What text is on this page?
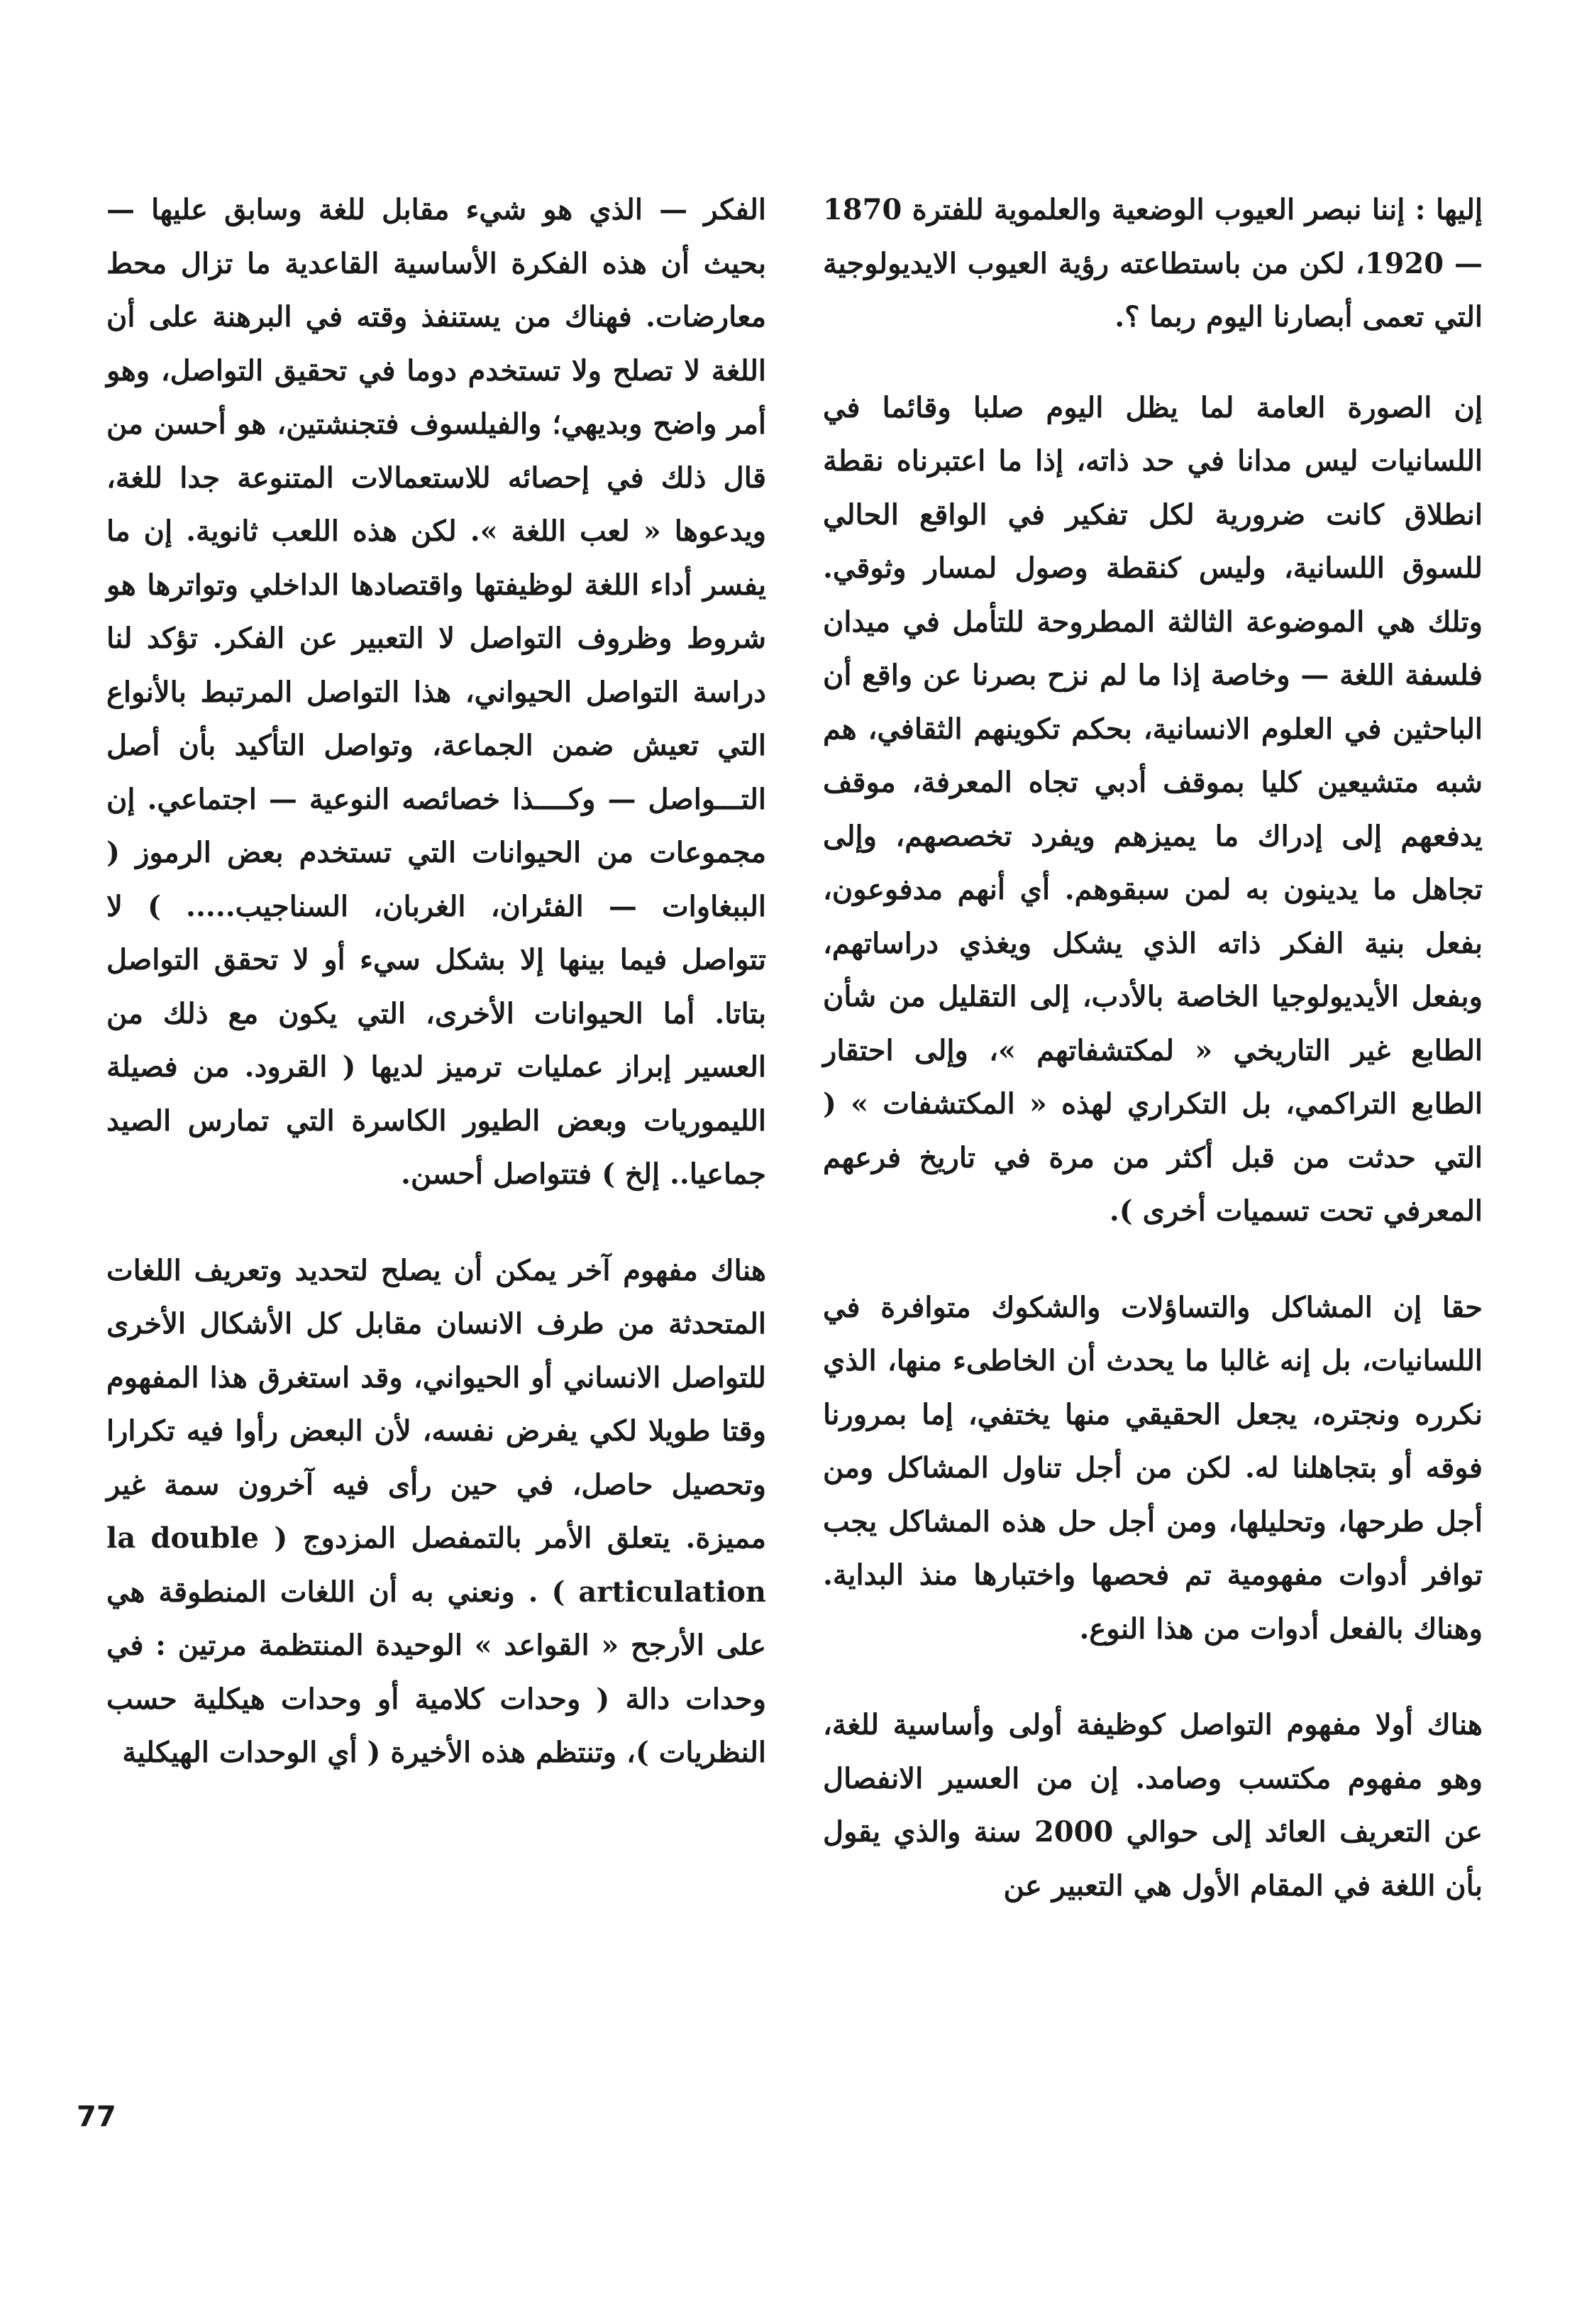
إليها : إننا نبصر العيوب الوضعية والعلموية للفترة 1870 — 1920، لكن من باستطاعته رؤية العيوب الايديولوجية التي تعمى أبصارنا اليوم ربما ؟.

إن الصورة العامة لما يظل اليوم صلبا وقائما في اللسانيات ليس مدانا في حد ذاته، إذا ما اعتبرناه نقطة انطلاق كانت ضرورية لكل تفكير في الواقع الحالي للسوق اللسانية، وليس كنقطة وصول لمسار وثوقي. وتلك هي الموضوعة الثالثة المطروحة للتأمل في ميدان فلسفة اللغة — وخاصة إذا ما لم نزح بصرنا عن واقع أن الباحثين في العلوم الانسانية، بحكم تكوينهم الثقافي، هم شبه متشيعين كليا بموقف أدبي تجاه المعرفة، موقف يدفعهم إلى إدراك ما يميزهم ويفرد تخصصهم، وإلى تجاهل ما يدينون به لمن سبقوهم. أي أنهم مدفوعون، بفعل بنية الفكر ذاته الذي يشكل ويغذي دراساتهم، وبفعل الأيديولوجيا الخاصة بالأدب، إلى التقليل من شأن الطابع غير التاريخي « لمكتشفاتهم »، وإلى احتقار الطابع التراكمي، بل التكراري لهذه « المكتشفات » ( التي حدثت من قبل أكثر من مرة في تاريخ فرعهم المعرفي تحت تسميات أخرى ).

حقا إن المشاكل والتساؤلات والشكوك متوافرة في اللسانيات، بل إنه غالبا ما يحدث أن الخاطىء منها، الذي نكرره ونجتره، يجعل الحقيقي منها يختفي، إما بمرورنا فوقه أو بتجاهلنا له. لكن من أجل تناول المشاكل ومن أجل طرحها، وتحليلها، ومن أجل حل هذه المشاكل يجب توافر أدوات مفهومية تم فحصها واختبارها منذ البداية. وهناك بالفعل أدوات من هذا النوع.

هناك أولا مفهوم التواصل كوظيفة أولى وأساسية للغة، وهو مفهوم مكتسب وصامد. إن من العسير الانفصال عن التعريف العائد إلى حوالي 2000 سنة والذي يقول بأن اللغة في المقام الأول هي التعبير عن

الفكر — الذي هو شيء مقابل للغة وسابق عليها — بحيث أن هذه الفكرة الأساسية القاعدية ما تزال محط معارضات. فهناك من يستنفذ وقته في البرهنة على أن اللغة لا تصلح ولا تستخدم دوما في تحقيق التواصل، وهو أمر واضح وبديهي؛ والفيلسوف فتجنشتين، هو أحسن من قال ذلك في إحصائه للاستعمالات المتنوعة جدا للغة، ويدعوها « لعب اللغة ». لكن هذه اللعب ثانوية. إن ما يفسر أداء اللغة لوظيفتها واقتصادها الداخلي وتواترها هو شروط وظروف التواصل لا التعبير عن الفكر. تؤكد لنا دراسة التواصل الحيواني، هذا التواصل المرتبط بالأنواع التي تعيش ضمن الجماعة، وتواصل التأكيد بأن أصل التـــواصل — وكــــذا خصائصه النوعية — اجتماعي. إن مجموعات من الحيوانات التي تستخدم بعض الرموز ( الببغاوات — الفئران، الغربان، السناجيب..... ) لا تتواصل فيما بينها إلا بشكل سيء أو لا تحقق التواصل بتاتا. أما الحيوانات الأخرى، التي يكون مع ذلك من العسير إبراز عمليات ترميز لديها ( القرود. من فصيلة الليموريات وبعض الطيور الكاسرة التي تمارس الصيد جماعيا.. إلخ ) فتتواصل أحسن.

هناك مفهوم آخر يمكن أن يصلح لتحديد وتعريف اللغات المتحدثة من طرف الانسان مقابل كل الأشكال الأخرى للتواصل الانساني أو الحيواني، وقد استغرق هذا المفهوم وقتا طويلا لكي يفرض نفسه، لأن البعض رأوا فيه تكرارا وتحصيل حاصل، في حين رأى فيه آخرون سمة غير مميزة. يتعلق الأمر بالتمفصل المزدوج ( la double articulation ) . ونعني به أن اللغات المنطوقة هي على الأرجح « القواعد » الوحيدة المنتظمة مرتين : في وحدات دالة ( وحدات كلامية أو وحدات هيكلية حسب النظريات )، وتنتظم هذه الأخيرة ( أي الوحدات الهيكلية

77
